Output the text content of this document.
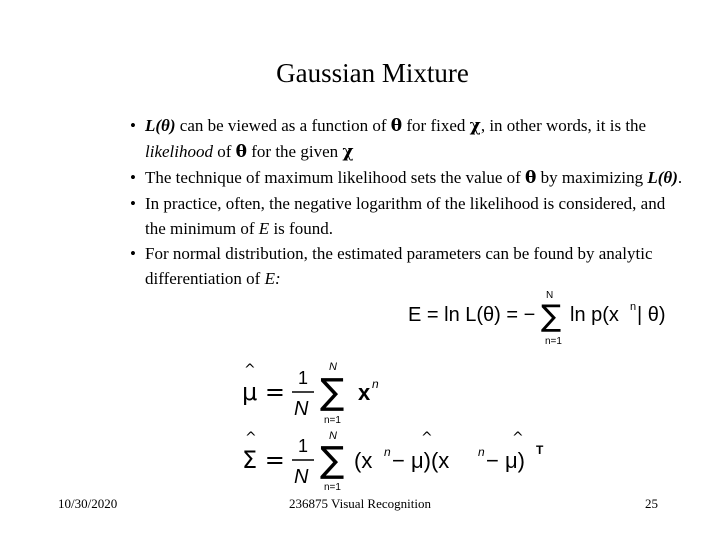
Gaussian Mixture
• L(θ) can be viewed as a function of θ for fixed χ, in other words, it is the likelihood of θ for the given χ
• The technique of maximum likelihood sets the value of θ by maximizing L(θ).
• In practice, often, the negative logarithm of the likelihood is considered, and the minimum of E is found.
• For normal distribution, the estimated parameters can be found by analytic differentiation of E:
E = ln L(θ) = −
N
∑
n=1
ln p(x n | θ)
^
μ = 1
N
N
∑
n=1
x n
^
Σ = 1
N
N
∑
n=1
(x n
^
− μ)(x n
^
− μ) T
10/30/2020	236875 Visual Recognition	25
